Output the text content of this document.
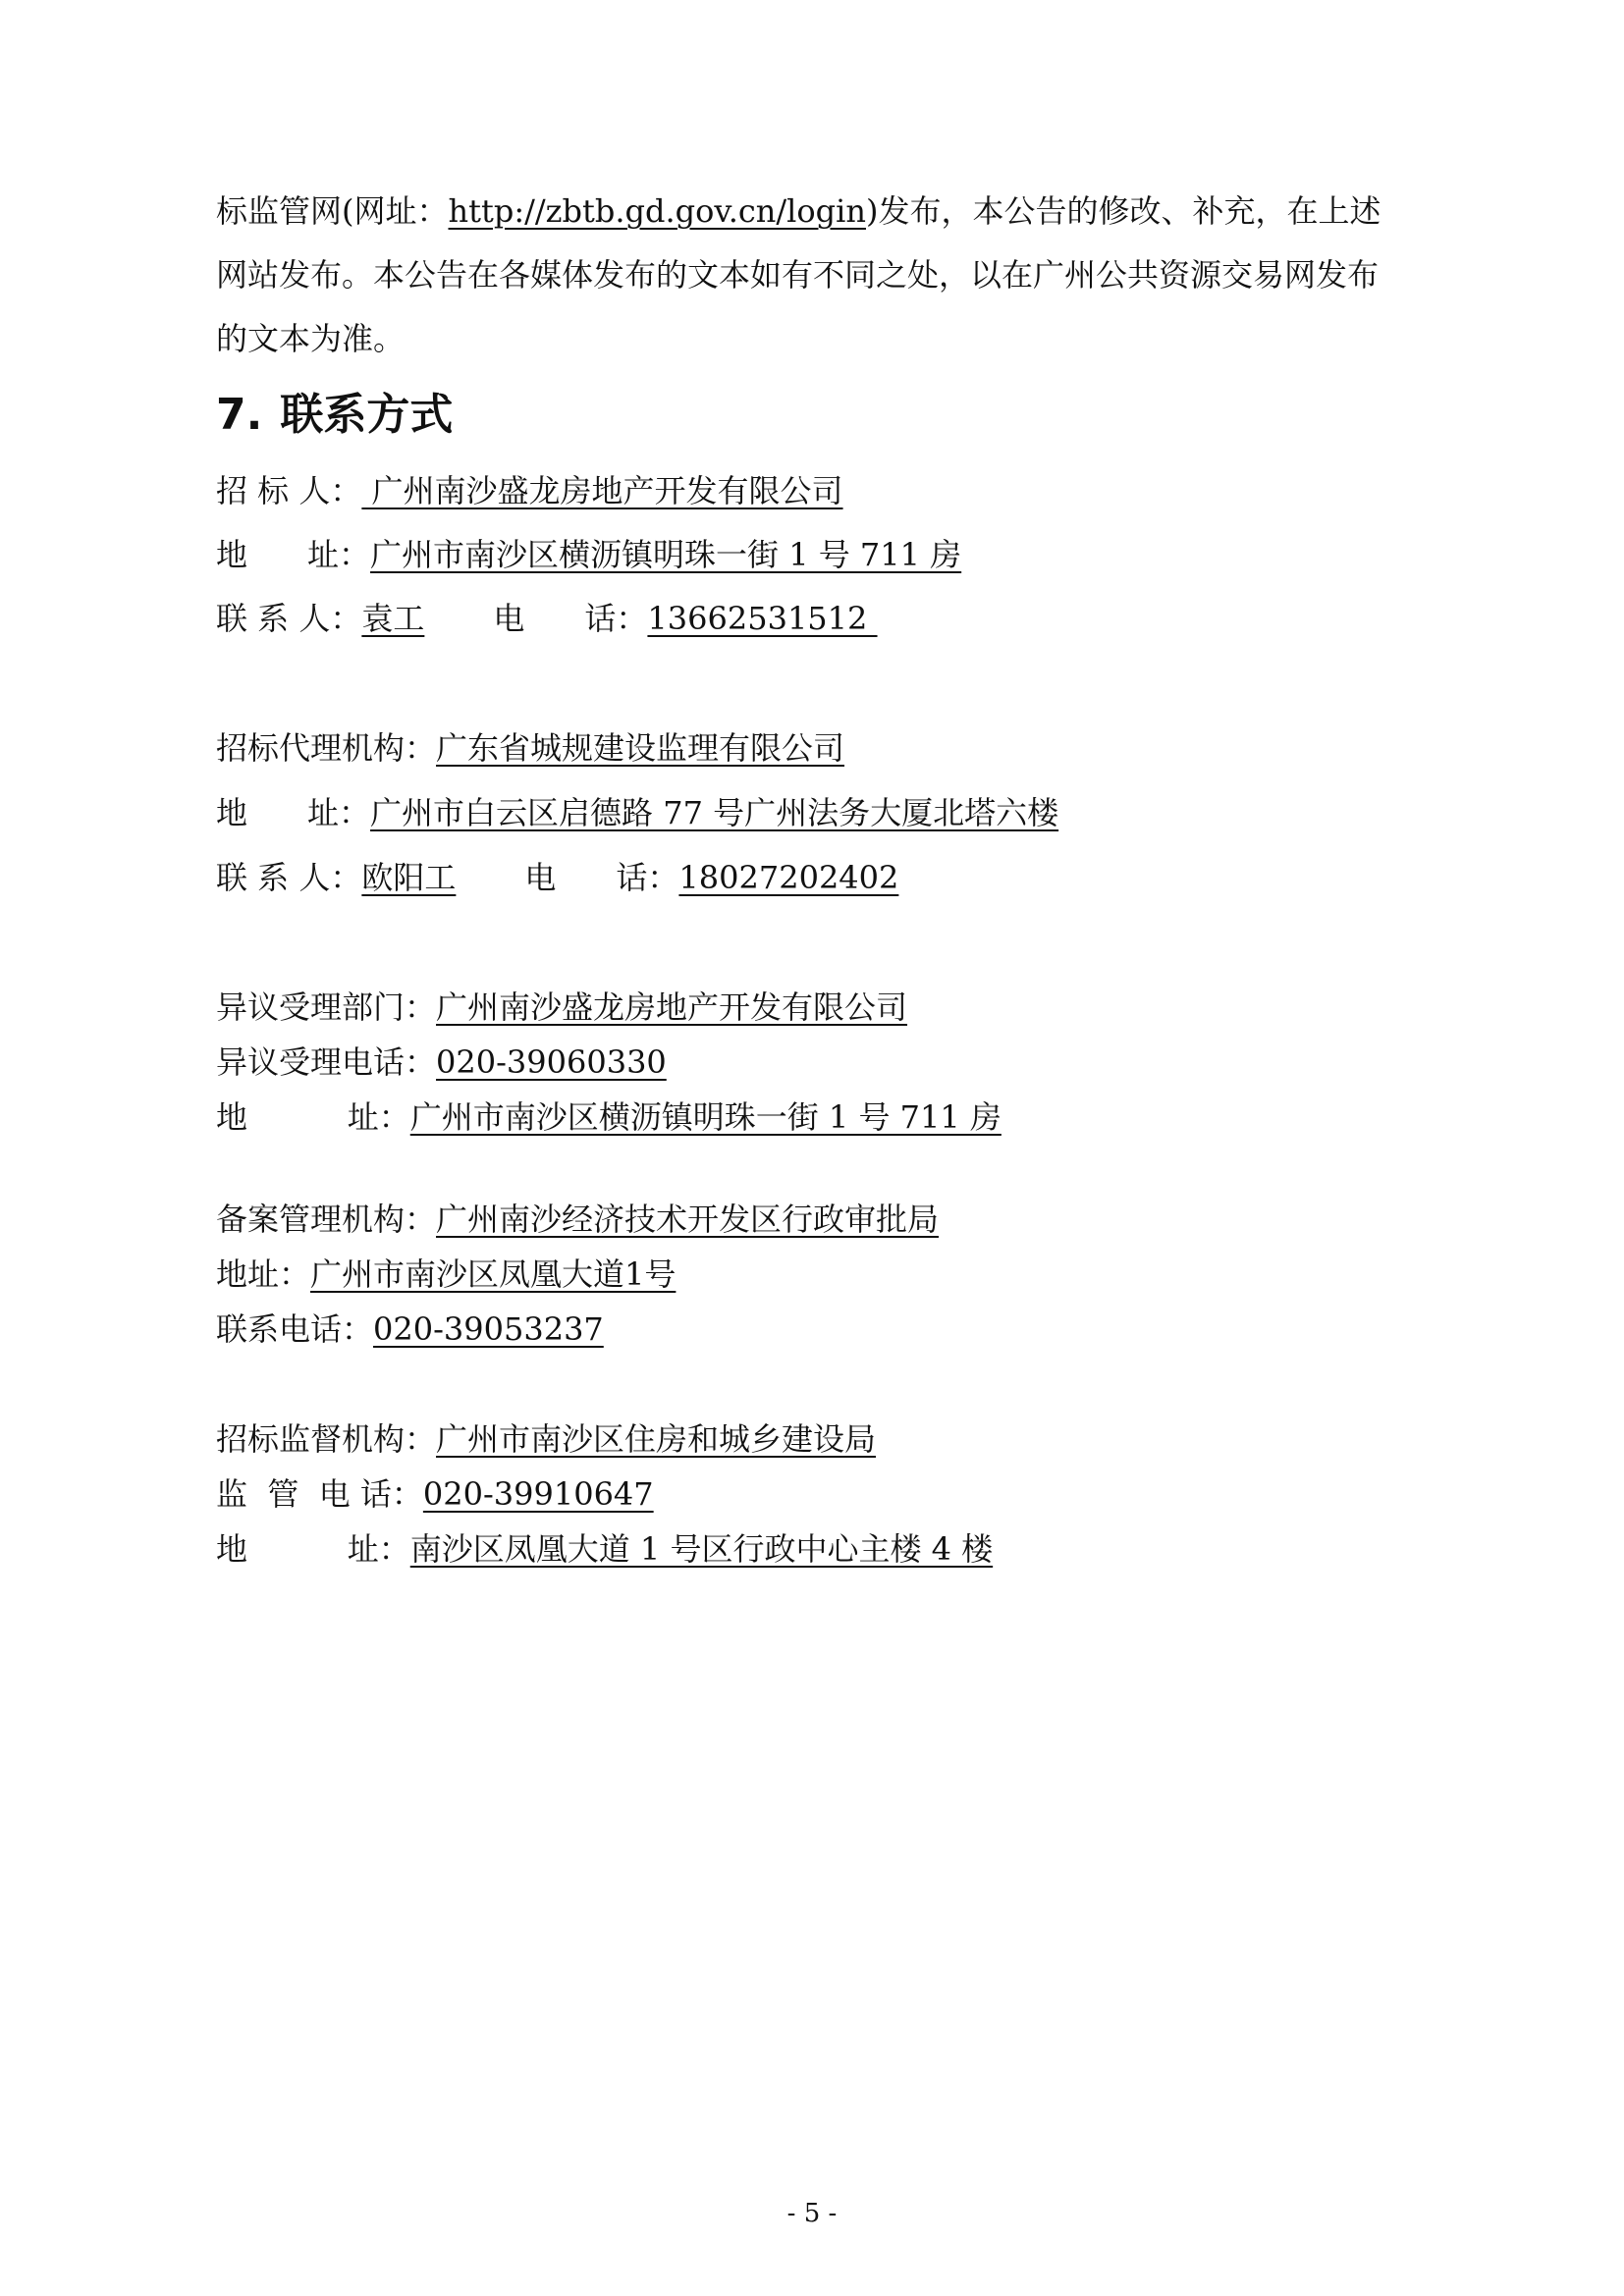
标监管网(网址：http://zbtb.gd.gov.cn/login)发布，本公告的修改、补充，在上述
网站发布。本公告在各媒体发布的文本如有不同之处，以在广州公共资源交易网发布
的文本为准。
7. 联系方式
招 标 人： 广州南沙盛龙房地产开发有限公司
地      址：广州市南沙区横沥镇明珠一街 1 号 711 房
联 系 人：袁工 电      话：13662531512
招标代理机构：广东省城规建设监理有限公司
地      址：广州市白云区启德路 77 号广州法务大厦北塔六楼
联 系 人：欧阳工 电      话：18027202402
异议受理部门：广州南沙盛龙房地产开发有限公司
异议受理电话：020-39060330
地          址：广州市南沙区横沥镇明珠一街 1 号 711 房
备案管理机构：广州南沙经济技术开发区行政审批局
地址：广州市南沙区凤凰大道1号
联系电话：020-39053237
招标监督机构：广州市南沙区住房和城乡建设局
监  管  电 话：020-39910647
地          址：南沙区凤凰大道 1 号区行政中心主楼 4 楼
- 5 -
